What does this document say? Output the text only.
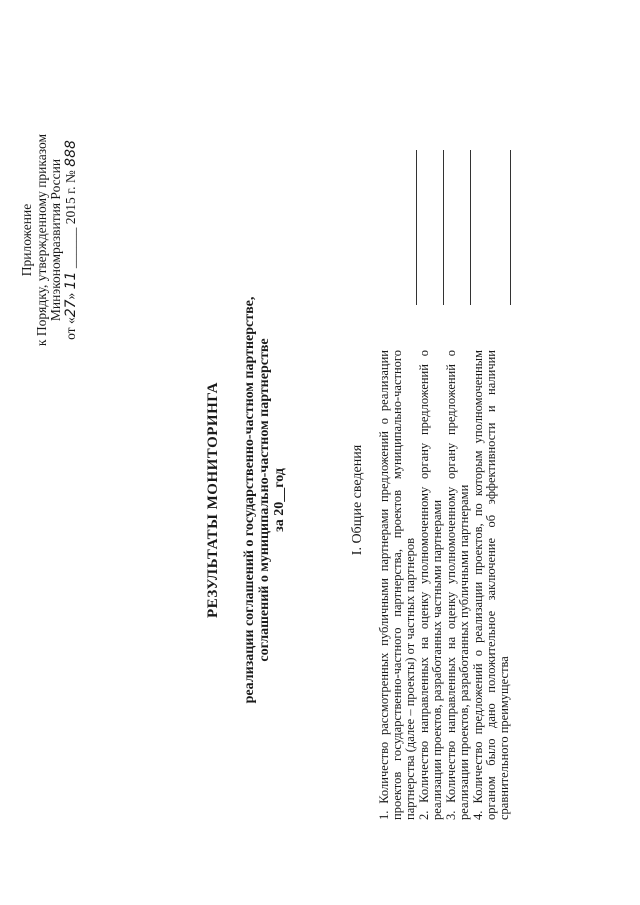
Приложение к Порядку, утвержденному приказом Минэкономразвития России
от «27» 11 ______ 2015 г. № 888
РЕЗУЛЬТАТЫ МОНИТОРИНГА реализации соглашений о государственно-частном партнерстве, соглашений о муниципально-частном партнерстве за 20__год	I. Общие сведения 1. Количество рассмотренных публичными партнерами предложений о реализации проектов государственно-частного партнерства, проектов муниципально-частного партнерства (далее – проекты) от частных партнеров 2. Количество направленных на оценку уполномоченному органу предложений о реализации проектов, разработанных частными партнерами 3. Количество направленных на оценку уполномоченному органу предложений о реализации проектов, разработанных публичными партнерами 4. Количество предложений о реализации проектов, по которым уполномоченным органом было дано положительное заключение об эффективности и наличии сравнительного преимущества
